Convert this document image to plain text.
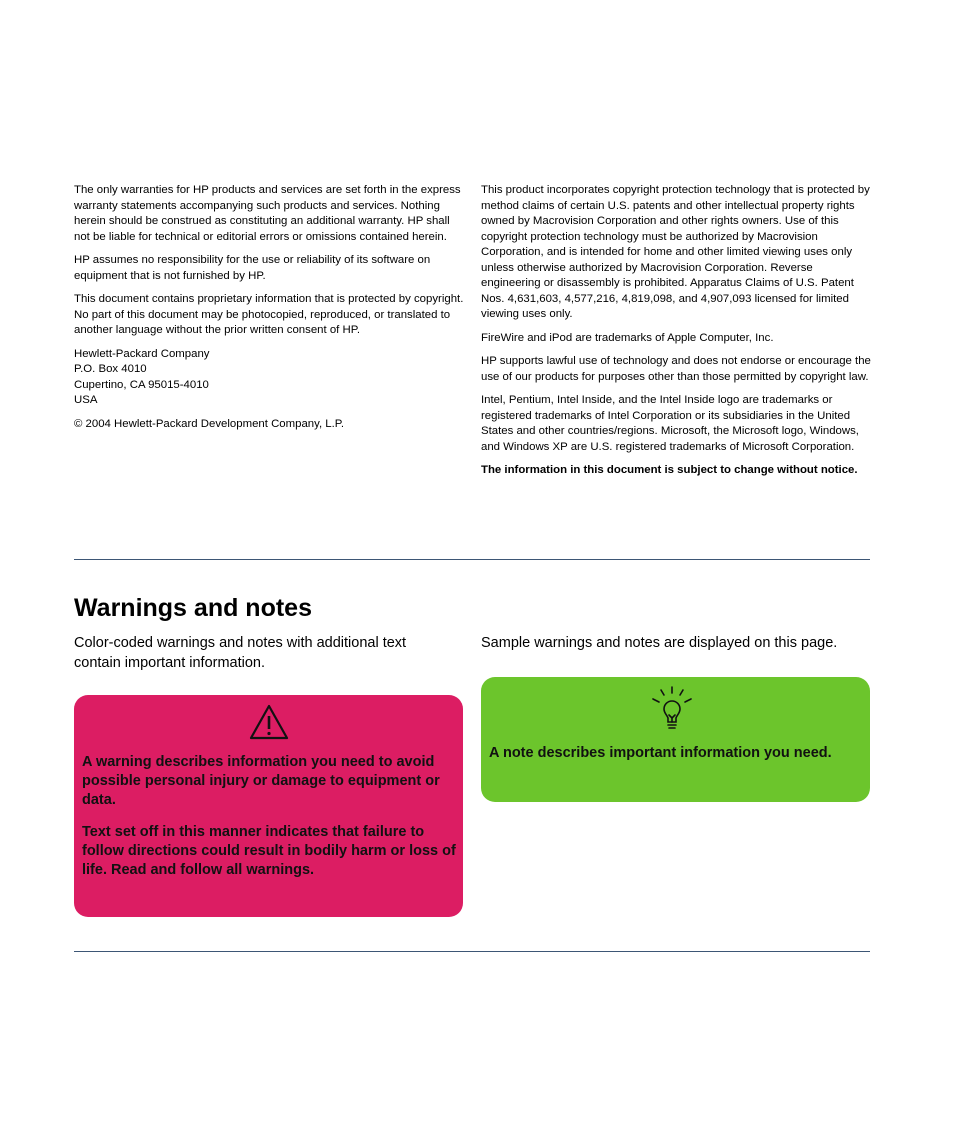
The only warranties for HP products and services are set forth in the express warranty statements accompanying such products and services. Nothing herein should be construed as constituting an additional warranty. HP shall not be liable for technical or editorial errors or omissions contained herein.

HP assumes no responsibility for the use or reliability of its software on equipment that is not furnished by HP.

This document contains proprietary information that is protected by copyright. No part of this document may be photocopied, reproduced, or translated to another language without the prior written consent of HP.

Hewlett-Packard Company
P.O. Box 4010
Cupertino, CA 95015-4010
USA

© 2004 Hewlett-Packard Development Company, L.P.

This product incorporates copyright protection technology that is protected by method claims of certain U.S. patents and other intellectual property rights owned by Macrovision Corporation and other rights owners. Use of this copyright protection technology must be authorized by Macrovision Corporation, and is intended for home and other limited viewing uses only unless otherwise authorized by Macrovision Corporation. Reverse engineering or disassembly is prohibited. Apparatus Claims of U.S. Patent Nos. 4,631,603, 4,577,216, 4,819,098, and 4,907,093 licensed for limited viewing uses only.

FireWire and iPod are trademarks of Apple Computer, Inc.

HP supports lawful use of technology and does not endorse or encourage the use of our products for purposes other than those permitted by copyright law.

Intel, Pentium, Intel Inside, and the Intel Inside logo are trademarks or registered trademarks of Intel Corporation or its subsidiaries in the United States and other countries/regions. Microsoft, the Microsoft logo, Windows, and Windows XP are U.S. registered trademarks of Microsoft Corporation.

The information in this document is subject to change without notice.

Warnings and notes

Color-coded warnings and notes with additional text contain important information.

Sample warnings and notes are displayed on this page.

A warning describes information you need to avoid possible personal injury or damage to equipment or data.

Text set off in this manner indicates that failure to follow directions could result in bodily harm or loss of life. Read and follow all warnings.

A note describes important information you need.
